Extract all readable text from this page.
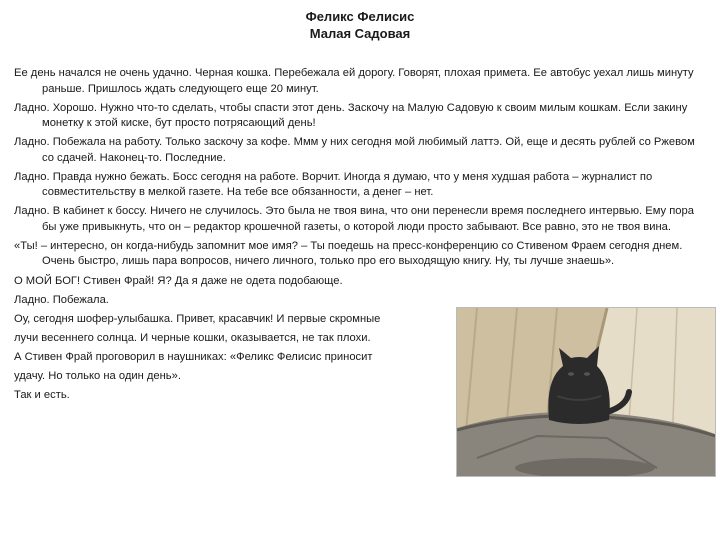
Феликс Фелисис
Малая Садовая

Ее день начался не очень удачно. Черная кошка. Перебежала ей дорогу. Говорят, плохая примета. Ее автобус уехал лишь минуту раньше. Пришлось ждать следующего еще 20 минут.

Ладно. Хорошо. Нужно что-то сделать, чтобы спасти этот день. Заскочу на Малую Садовую к своим милым кошкам. Если закину монетку к этой киске, бут просто потрясающий день!

Ладно. Побежала на работу. Только заскочу за кофе. Ммм у них сегодня мой любимый латтэ. Ой, еще и десять рублей со Ржевом со сдачей. Наконец-то. Последние.

Ладно. Правда нужно бежать. Босс сегодня на работе. Ворчит. Иногда я думаю, что у меня худшая работа – журналист по совместительству в мелкой газете. На тебе все обязанности, а денег – нет.

Ладно. В кабинет к боссу. Ничего не случилось. Это была не твоя вина, что они перенесли время последнего интервью. Ему пора бы уже привыкнуть, что он – редактор крошечной газеты, о которой люди просто забывают. Все равно, это не твоя вина.

«Ты! – интересно, он когда-нибудь запомнит мое имя? – Ты поедешь на пресс-конференцию со Стивеном Фраем сегодня днем. Очень быстро, лишь пара вопросов, ничего личного, только про его выходящую книгу. Ну, ты лучше знаешь».

О МОЙ БОГ! Стивен Фрай! Я? Да я даже не одета подобающе.

Ладно. Побежала.

Оу, сегодня шофер-улыбашка. Привет, красавчик! И первые скромные

лучи весеннего солнца. И черные кошки, оказывается, не так плохи.

А Стивен Фрай проговорил в наушниках: «Феликс Фелисис приносит

удачу. Но только на один день».

Так и есть.
